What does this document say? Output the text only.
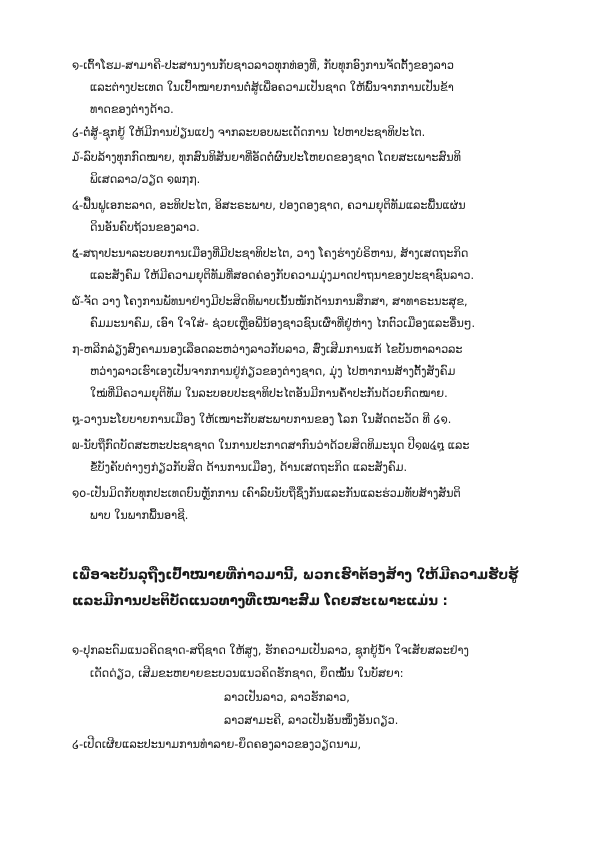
໑-ເຕົ້າໂຮມ-ສາມາຄີ-ປະສານງານກັບຊາວລາວທຸກທ່ອງທ່ີ, ກັບທຸກອົງການຈັດຕັ້ງຂອງລາວ
ແລະຕ່າງປະເທດ ໃນເປົ້າໝາຍການຕໍ່ສູ້ເພື່ອຄວາມເປັນຊາດ ໃຫ້ພົ້ນຈາກການເປັນຂ້າ
ທາດຂອງຕ່າງດ້າວ.
໒-ຕໍ່ສູ້-ຊຸກຍູ້ ໃຫ້ມີການປ່ຽນແປງ ຈາກລະບອບພະເດັດການ ໄປຫາປະຊາທິປະໄຕ.
໓-ລົບລ້າງທຸກກົດໝາຍ, ທຸກສົນທິສັນຍາທີ່ອັດຕໍ່ຜົນປະໂຫຍດຂອງຊາດ ໂດຍສະເພາະສົນທິ
ພິເສດລາວ/ວຽດ ໑໙໗໗.
໔-ຟື້ນຟູເອກະລາດ, ອະທິປະໄຕ, ອິສະຣະພາບ, ປອງດອງຊາດ, ຄວາມຍຸຕິທັມແລະພື້ນແຜ່ນ
ດິນອັນຄົບຖ້ວນຂອງລາວ.
໕-ສຖາປະນາລະບອບການເມືອງທີ່ມີປະຊາທິປະໄຕ, ວາງ ໂຄງຮ່າງບໍຣິຫານ, ສ້າງເສດຖະກິດ
ແລະສັງຄົມ ໃຫ້ມີຄວາມຍຸຕິທັມທີ່ສອດຄ່ອງກັບຄວາມມຸ່ງມາດປາຖນາຂອງປະຊາຊົນລາວ.
໖-ຈັດ ວາງ ໂຄງການພັທນາຢ່າງມີປະສິດທິພາບເນັ້ນໜັກດ້ານການສຶກສາ, ສາທາຣະນະສຸຂ,
ຄົມມະນາຄົມ, ເອົາ ໃຈໃສ່- ຊ່ວຍເຫຼືອພີ່ນ້ອງຊາວຊົນເຜົ່າທີ່ຢູ່ຫ່າງ ໄກຕົວເມືອງແລະອື່ນໆ.
໗-ຫລີກລ່ຽງສົງຄາມນອງເລືອດລະຫວ່າງລາວກັບລາວ, ສົ່ງເສີມການແກ້ ໄຂບັນຫາລາວລະ
ຫວ່າງລາວເຮົາເອງເປັນຈາກການຢູ່ກ່ຽວຂອງຕ່າງຊາດ, ມຸ່ງ ໄປຫາການສ້າງຕັ້ງສັງຄົມ
ໃໝ່ທີ່ມີຄວາມຍຸຕິທັມ ໃນລະບອບປະຊາທິປະໄຕອັນມີການຄ້ຳປະກັນດ້ວຍກົດໝາຍ.
໘-ວາງນະໂຍບາຍການເມືອງ ໃຫ້ເໝາະກັບສະພາບການຂອງ ໂລກ ໃນສັດຕະວັດ ທີ ໒໑.
໙-ນັບຖືກົດບັດສະຫະປະຊາຊາດ ໃນການປະກາດສາກົນວ່າດ້ວຍສິດທິມະນຸດ ປີ໑໙໔໘ ແລະ
ຂໍ້ບັງຄັບຕ່າງໆກ່ຽວກັບສິດ ດ້ານການເມືອງ, ດ້ານເສດຖະກິດ ແລະສັງຄົມ.
໑໐-ເປັນມິດກັບທຸກປະເທດບົນຫຼັກການ ເຄົາລົບນັບຖືຊຶ່ງກັນແລະກັນແລະຮ່ວມທັບສ້າງສັນຕິ
ພາບ ໃນພາກພື້ນອາຊີ.
ເພື່ອຈະບັນລຸຖືງເປົ້າໝາຍທີ່ກ່າວມານີ້, ພວກເຮົາຕ້ອງສ້າງ ໃຫ້ມີຄວາມຮັບຮູ້
ແລະມີການປະຕິບັດແນວທາງທີ່ເໝາະສົມ ໂດຍສະເພາະແມ່ນ :
໑-ປຸກລະດົມແນວຄິດຊາດ-ສຖິຊາດ ໃຫ້ສູງ, ຮັກຄວາມເປັນລາວ, ຊຸກຍູ້ນ້ຳ ໃຈເສັຍສລະຢ່າງ
ເດັດດ່ຽວ, ເສີມຂະຫຍາຍຂະບວນແນວຄິດຮັກຊາດ, ຍຶດໝັ້ນ ໃນບັສຍາ:
ລາວເປັນລາວ, ລາວຮັກລາວ,
ລາວສາມະຄີ, ລາວເປັນອັນໜຶ່ງອັນດຽວ.
໒-ເປີດເຜີຍແລະປະນາມການທຳລາຍ-ຍຶດຄອງລາວຂອງວຽດນາມ,
